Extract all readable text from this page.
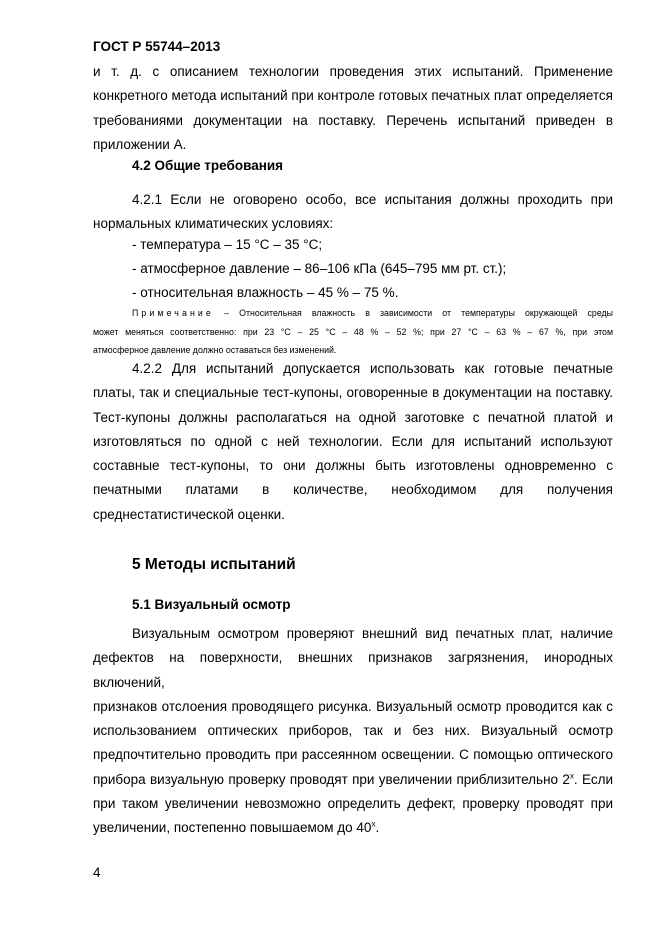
ГОСТ Р 55744–2013
и т. д. с описанием технологии проведения этих испытаний. Применение
конкретного метода испытаний при контроле готовых печатных плат определяется
требованиями документации на поставку. Перечень испытаний приведен в
приложении А.
4.2 Общие требования
4.2.1 Если не оговорено особо, все испытания должны проходить при
нормальных климатических условиях:
- температура – 15 °С – 35 °С;
- атмосферное давление – 86–106 кПа (645–795 мм рт. ст.);
- относительная влажность – 45 % – 75 %.
Примечание – Относительная влажность в зависимости от температуры окружающей среды
может меняться соответственно: при 23 °С – 25 °С – 48 % – 52 %; при 27 °С – 63 % – 67 %, при этом
атмосферное давление должно оставаться без изменений.
4.2.2 Для испытаний допускается использовать как готовые печатные
платы, так и специальные тест-купоны, оговоренные в документации на поставку.
Тест-купоны должны располагаться на одной заготовке с печатной платой и
изготовляться по одной с ней технологии. Если для испытаний используют
составные тест-купоны, то они должны быть изготовлены одновременно с
печатными платами в количестве, необходимом для получения
среднестатистической оценки.
5 Методы испытаний
5.1 Визуальный осмотр
Визуальным осмотром проверяют внешний вид печатных плат, наличие
дефектов на поверхности, внешних признаков загрязнения, инородных включений,
признаков отслоения проводящего рисунка. Визуальный осмотр проводится как с
использованием оптических приборов, так и без них. Визуальный осмотр
предпочтительно проводить при рассеянном освещении. С помощью оптического
прибора визуальную проверку проводят при увеличении приблизительно $2^х$. Если
при таком увеличении невозможно определить дефект, проверку проводят при
увеличении, постепенно повышаемом до $40^х$.
4
